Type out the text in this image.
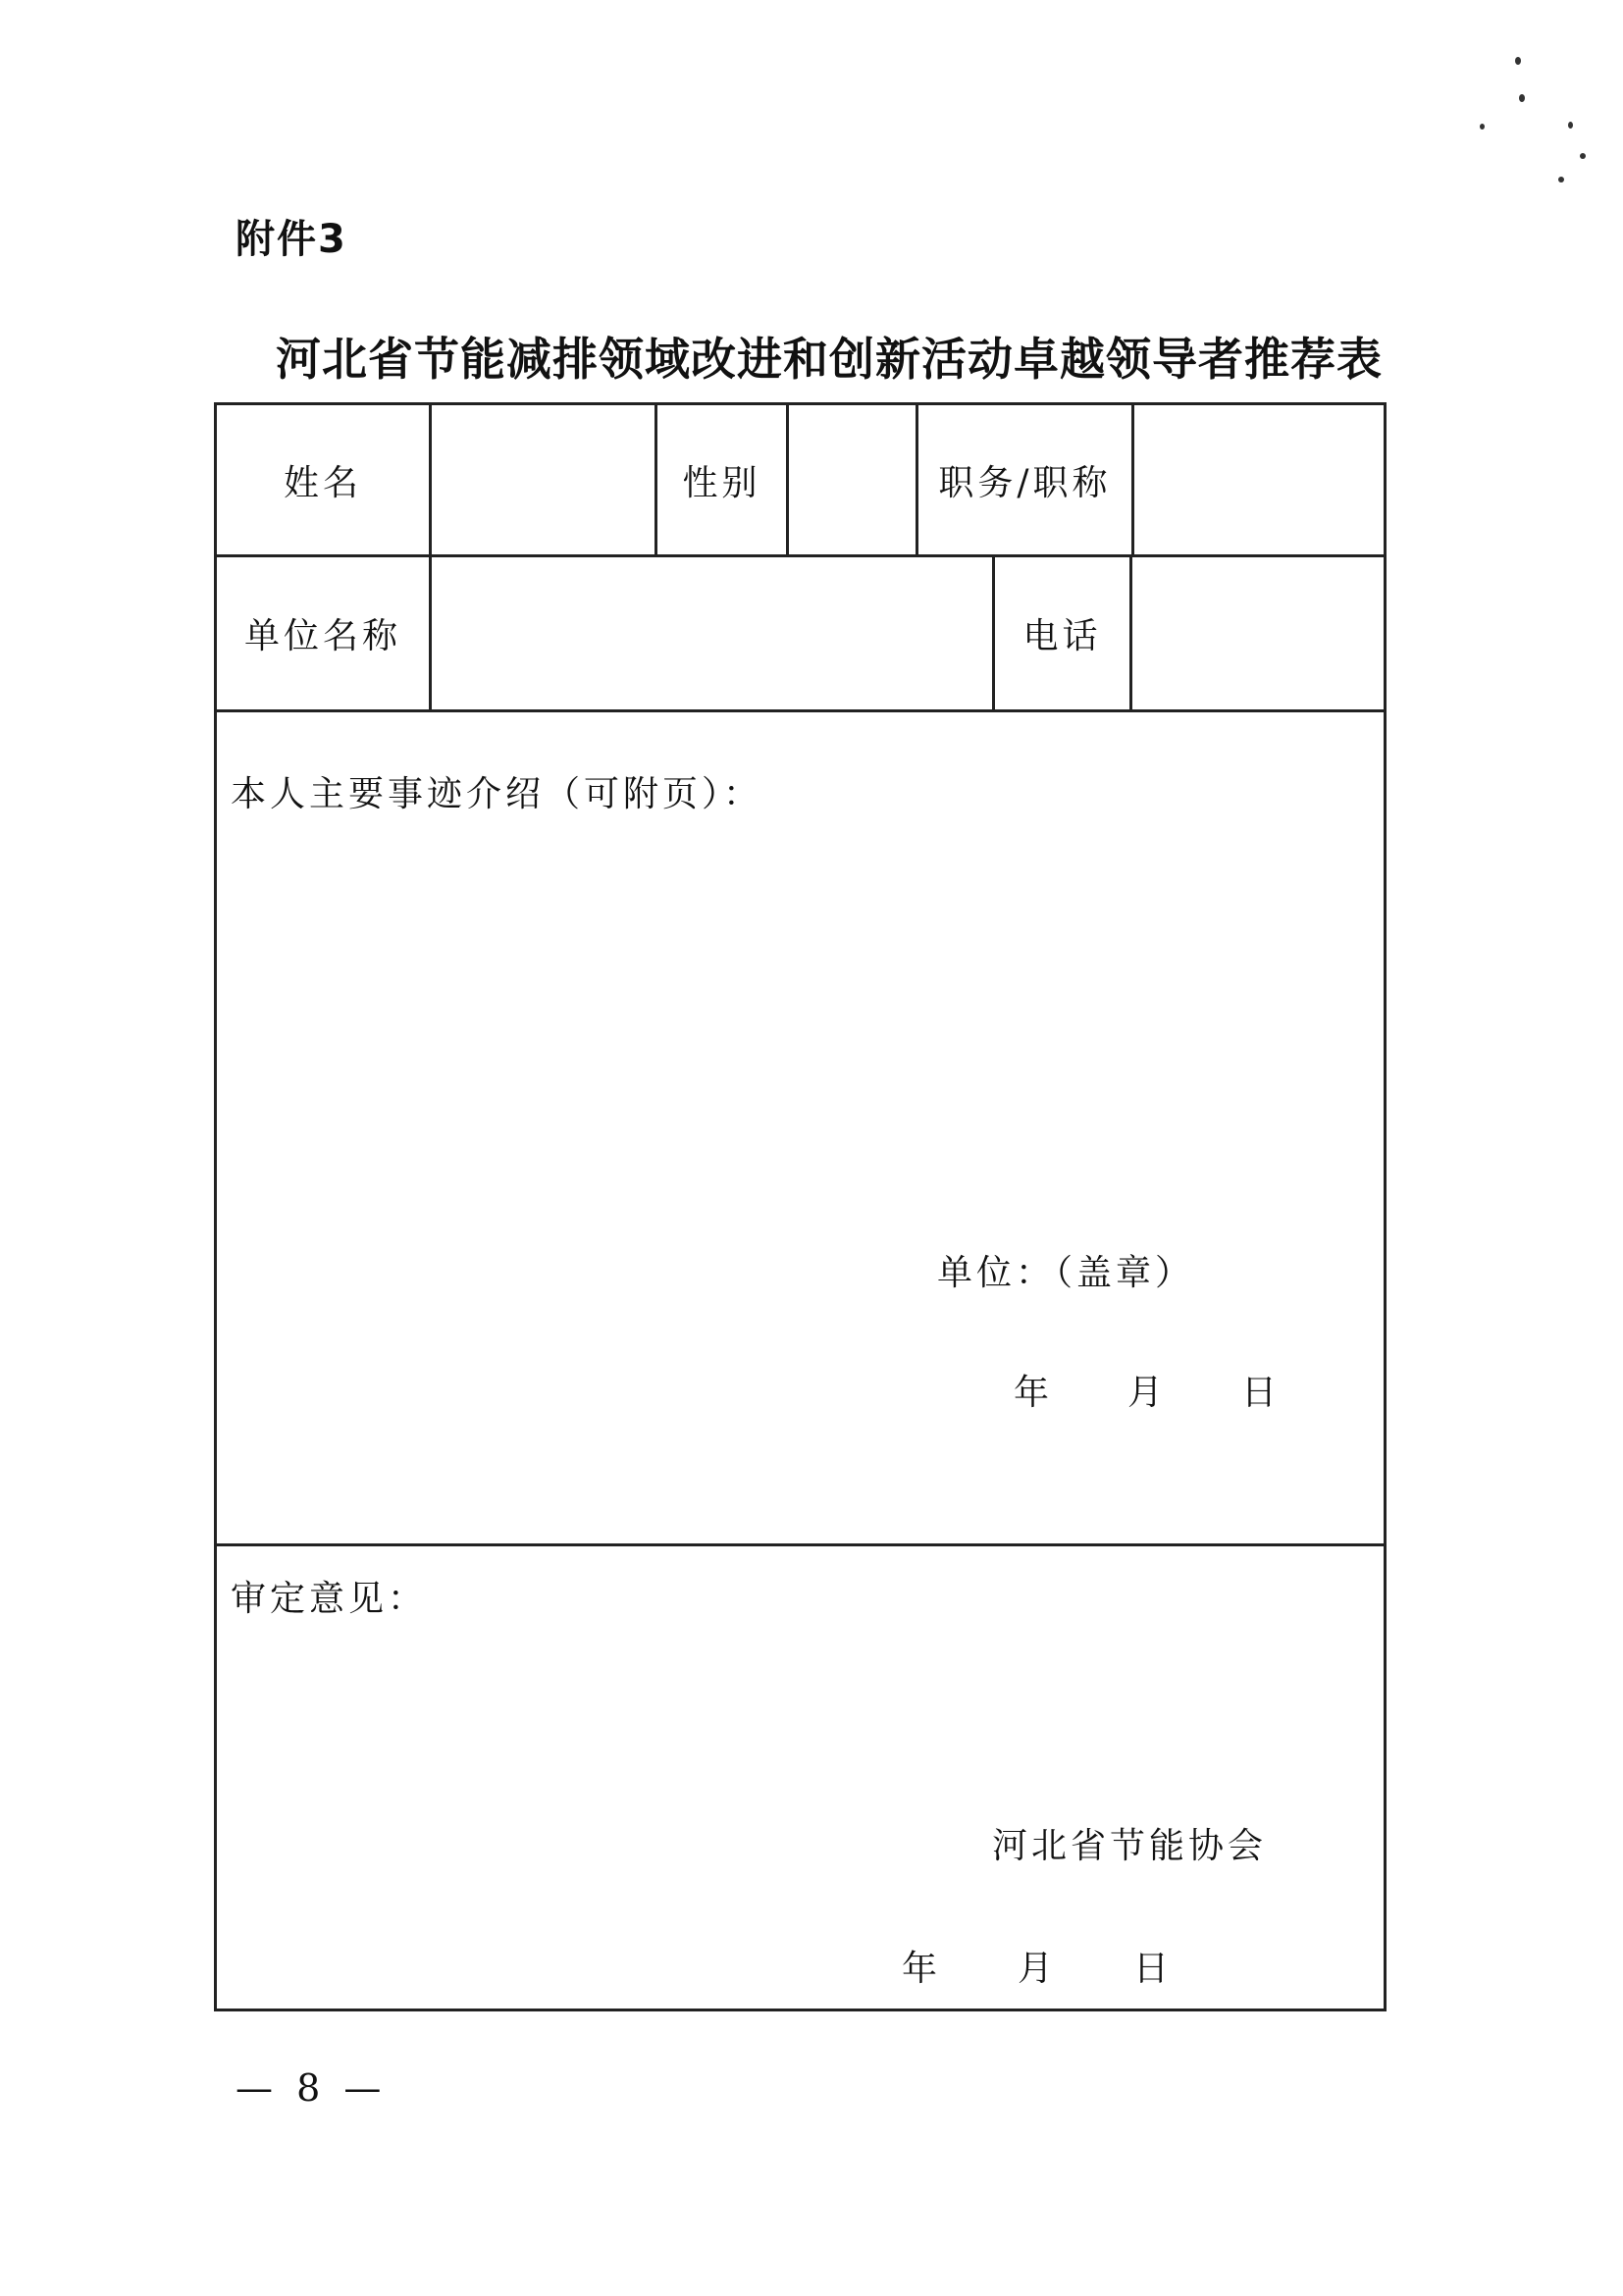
附件3
河北省节能减排领域改进和创新活动卓越领导者推荐表
姓名	性别	职务/职称
单位名称	电话
本人主要事迹介绍（可附页）：
单位：（盖章）
年 月 日
审定意见：
河北省节能协会
年 月 日
— 8 —
